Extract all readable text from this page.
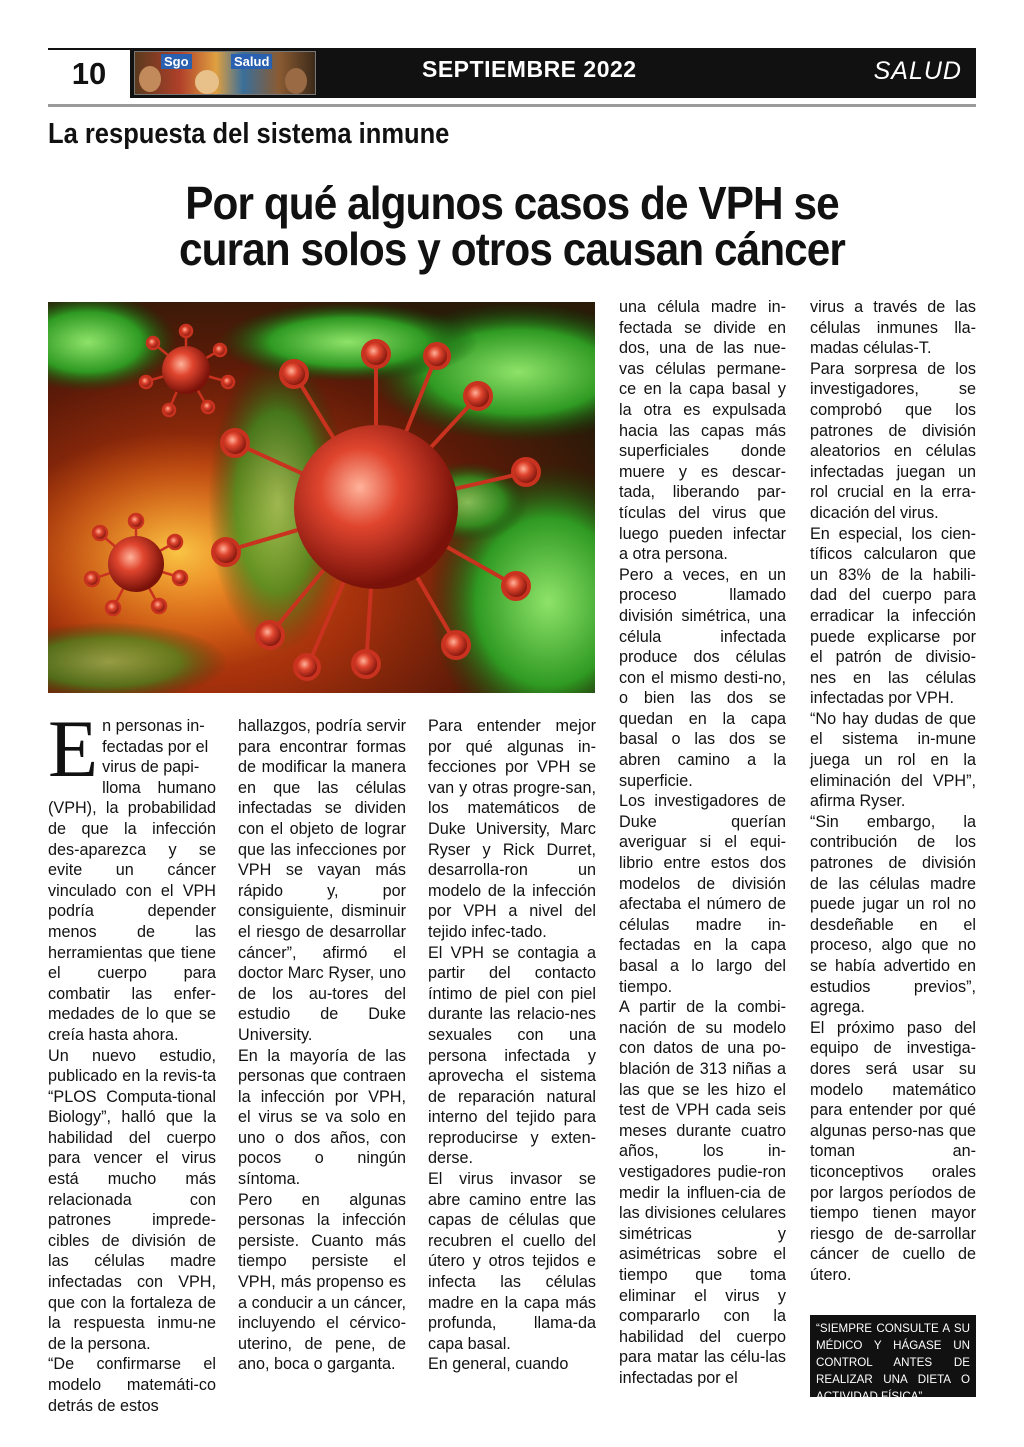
10	Sgo	Salud	SEPTIEMBRE 2022	SALUD
La respuesta del sistema inmune
Por qué algunos casos de VPH se
curan solos y otros causan cáncer
En personas in-
fectadas por el
virus de papi-
lloma humano (VPH), la probabilidad de que la infección des-aparezca y se evite un cáncer vinculado con el VPH podría depender menos de las herramientas que tiene el cuerpo para combatir las enfer-medades de lo que se creía hasta ahora.
Un nuevo estudio, publicado en la revis-ta “PLOS Computa-tional Biology”, halló que la habilidad del cuerpo para vencer el virus está mucho más relacionada con patrones imprede-cibles de división de las células madre infectadas con VPH, que con la fortaleza de la respuesta inmu-ne de la persona.
“De confirmarse el modelo matemáti-co detrás de estos
hallazgos, podría servir para encontrar formas de modificar la manera en que las células infectadas se dividen con el objeto de lograr que las infecciones por VPH se vayan más rápido y, por consiguiente, disminuir el riesgo de desarrollar cáncer”, afirmó el doctor Marc Ryser, uno de los au-tores del estudio de Duke University.
En la mayoría de las personas que contraen la infección por VPH, el virus se va solo en uno o dos años, con pocos o ningún síntoma.
Pero en algunas personas la infección persiste. Cuanto más tiempo persiste el VPH, más propenso es a conducir a un cáncer, incluyendo el cérvico-uterino, de pene, de ano, boca o garganta.
Para entender mejor por qué algunas in-fecciones por VPH se van y otras progre-san, los matemáticos de Duke University, Marc Ryser y Rick Durret, desarrolla-ron un modelo de la infección por VPH a nivel del tejido infec-tado.
El VPH se contagia a partir del contacto íntimo de piel con piel durante las relacio-nes sexuales con una persona infectada y aprovecha el sistema de reparación natural interno del tejido para reproducirse y exten-derse.
El virus invasor se abre camino entre las capas de células que recubren el cuello del útero y otros tejidos e infecta las células madre en la capa más profunda, llama-da capa basal.
En general, cuando
una célula madre in-fectada se divide en dos, una de las nue-vas células permane-ce en la capa basal y la otra es expulsada hacia las capas más superficiales donde muere y es descar-tada, liberando par-tículas del virus que luego pueden infectar a otra persona.
Pero a veces, en un proceso llamado división simétrica, una célula infectada produce dos células con el mismo desti-no, o bien las dos se quedan en la capa basal o las dos se abren camino a la superficie.
Los investigadores de Duke querían averiguar si el equi-librio entre estos dos modelos de división afectaba el número de células madre in-fectadas en la capa basal a lo largo del tiempo.
A partir de la combi-nación de su modelo con datos de una po-blación de 313 niñas a las que se les hizo el test de VPH cada seis meses durante cuatro años, los in-vestigadores pudie-ron medir la influen-cia de las divisiones celulares simétricas y asimétricas sobre el tiempo que toma eliminar el virus y compararlo con la habilidad del cuerpo para matar las célu-las infectadas por el
virus a través de las células inmunes lla-madas células-T.
Para sorpresa de los investigadores, se comprobó que los patrones de división aleatorios en células infectadas juegan un rol crucial en la erra-dicación del virus.
En especial, los cien-tíficos calcularon que un 83% de la habili-dad del cuerpo para erradicar la infección puede explicarse por el patrón de divisio-nes en las células infectadas por VPH.
“No hay dudas de que el sistema in-mune juega un rol en la eliminación del VPH”, afirma Ryser.
“Sin embargo, la contribución de los patrones de división de las células madre puede jugar un rol no desdeñable en el proceso, algo que no se había advertido en estudios previos”, agrega.
El próximo paso del equipo de investiga-dores será usar su modelo matemático para entender por qué algunas perso-nas que toman an-ticonceptivos orales por largos períodos de tiempo tienen mayor riesgo de de-sarrollar cáncer de cuello de útero.
“SIEMPRE CONSULTE A SU MÉDICO Y HÁGASE UN CONTROL ANTES DE REALIZAR UNA DIETA O ACTIVIDAD FÍSICA”
